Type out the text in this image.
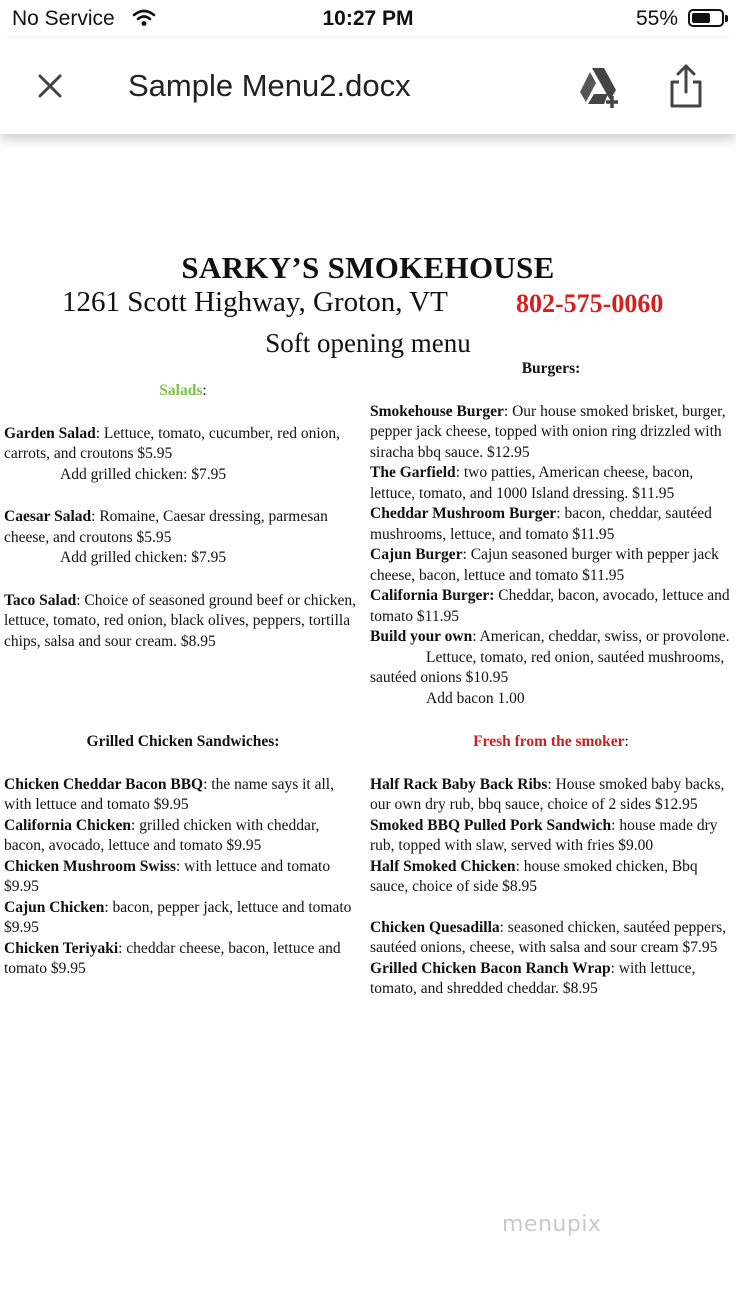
No Service	10:27 PM	55%
Sample Menu2.docx
SARKY’S SMOKEHOUSE
1261 Scott Highway, Groton, VT	802-575-0060
Soft opening menu
Salads:
Garden Salad: Lettuce, tomato, cucumber, red onion, carrots, and croutons $5.95
Add grilled chicken: $7.95
Caesar Salad: Romaine, Caesar dressing, parmesan cheese, and croutons $5.95
Add grilled chicken: $7.95
Taco Salad: Choice of seasoned ground beef or chicken, lettuce, tomato, red onion, black olives, peppers, tortilla chips, salsa and sour cream. $8.95
Grilled Chicken Sandwiches:
Chicken Cheddar Bacon BBQ: the name says it all, with lettuce and tomato $9.95
California Chicken: grilled chicken with cheddar, bacon, avocado, lettuce and tomato $9.95
Chicken Mushroom Swiss: with lettuce and tomato $9.95
Cajun Chicken: bacon, pepper jack, lettuce and tomato $9.95
Chicken Teriyaki: cheddar cheese, bacon, lettuce and tomato $9.95
Burgers:
Smokehouse Burger: Our house smoked brisket, burger, pepper jack cheese, topped with onion ring drizzled with siracha bbq sauce. $12.95
The Garfield: two patties, American cheese, bacon, lettuce, tomato, and 1000 Island dressing. $11.95
Cheddar Mushroom Burger: bacon, cheddar, sautéed mushrooms, lettuce, and tomato $11.95
Cajun Burger: Cajun seasoned burger with pepper jack cheese, bacon, lettuce and tomato $11.95
California Burger: Cheddar, bacon, avocado, lettuce and tomato $11.95
Build your own: American, cheddar, swiss, or provolone.
Lettuce, tomato, red onion, sautéed mushrooms, sautéed onions $10.95
Add bacon 1.00
Fresh from the smoker:
Half Rack Baby Back Ribs: House smoked baby backs, our own dry rub, bbq sauce, choice of 2 sides $12.95
Smoked BBQ Pulled Pork Sandwich: house made dry rub, topped with slaw, served with fries $9.00
Half Smoked Chicken: house smoked chicken, Bbq sauce, choice of side $8.95
Chicken Quesadilla: seasoned chicken, sautéed peppers, sautéed onions, cheese, with salsa and sour cream $7.95
Grilled Chicken Bacon Ranch Wrap: with lettuce, tomato, and shredded cheddar. $8.95
menupix
